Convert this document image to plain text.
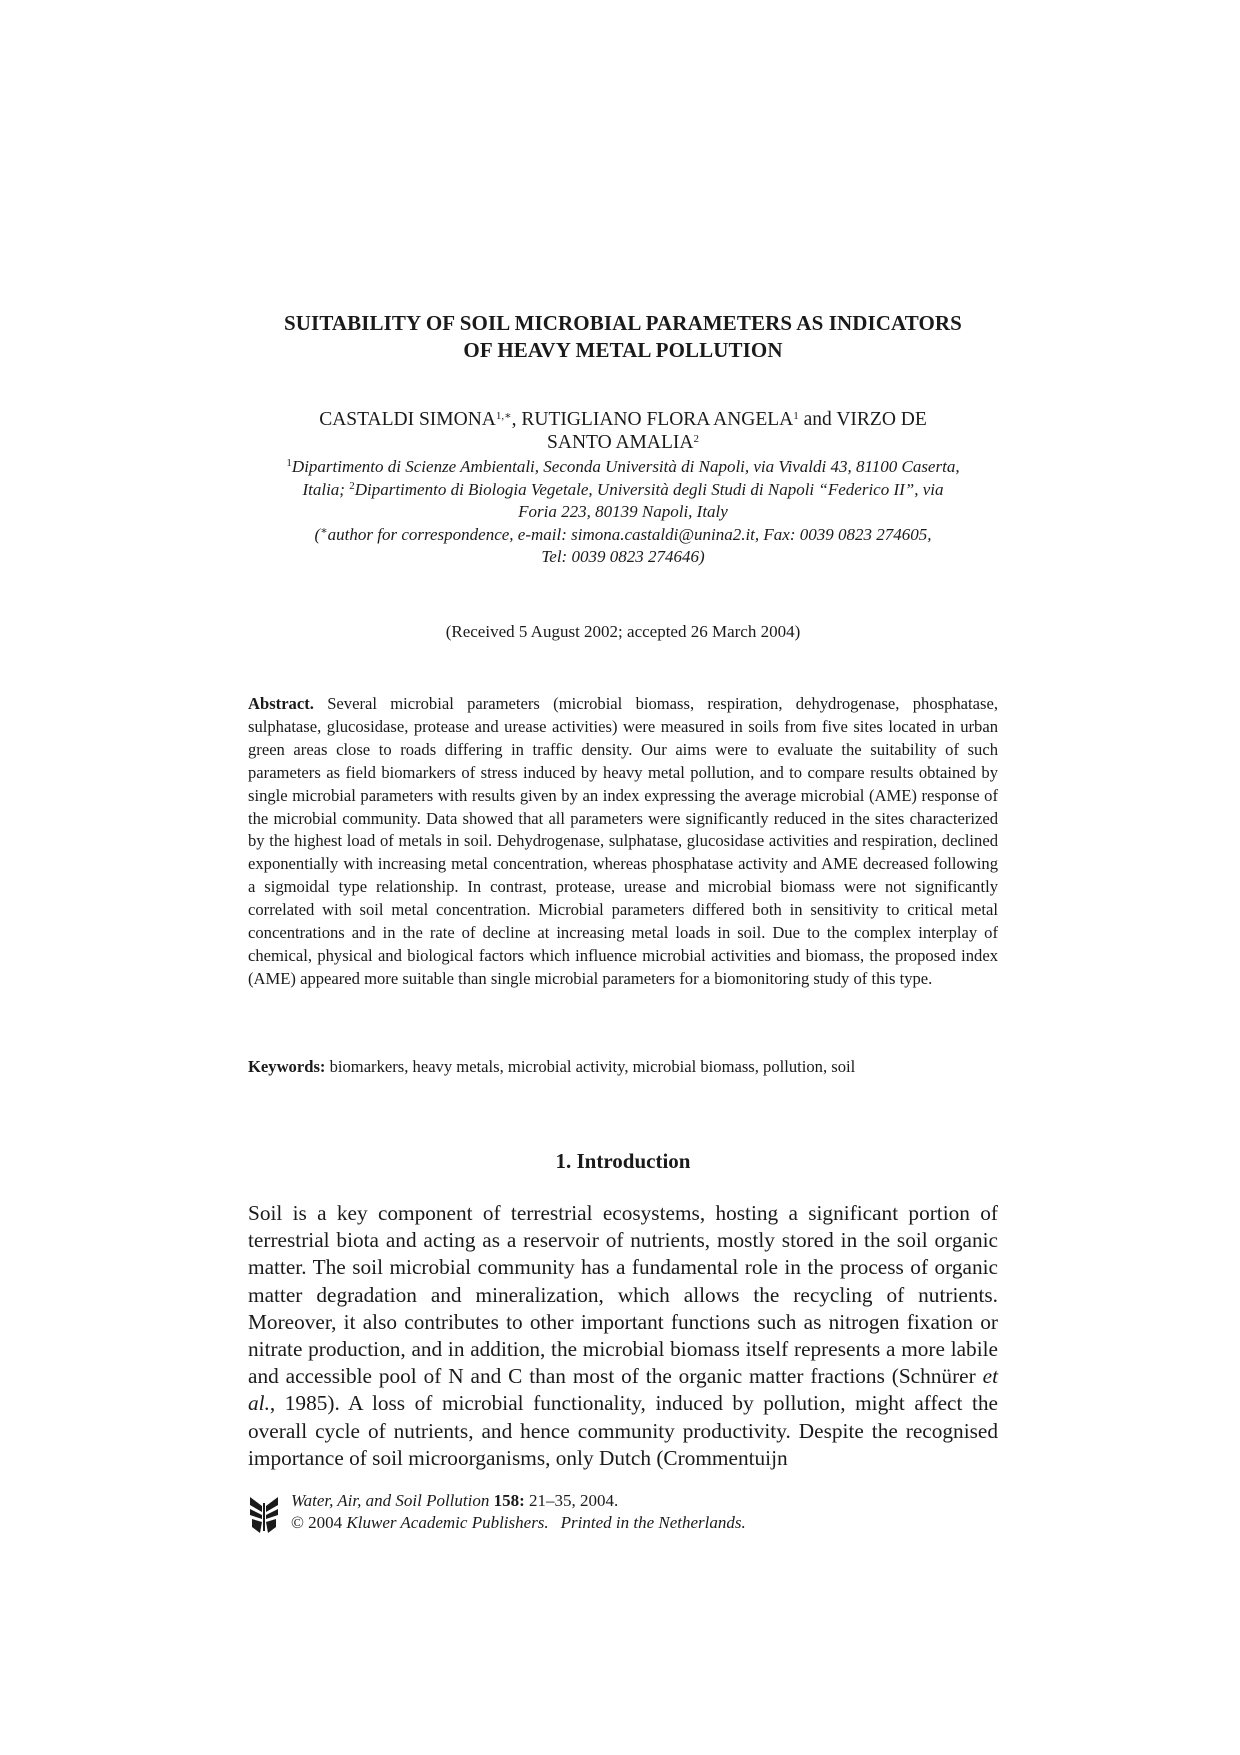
SUITABILITY OF SOIL MICROBIAL PARAMETERS AS INDICATORS
OF HEAVY METAL POLLUTION
CASTALDI $SIMONA^{1,∗}$, RUTIGLIANO FLORA ANGELA$^1$ and VIRZO DE
SANTO AMALIA$^2$
$^1$Dipartimento di Scienze Ambientali, Seconda Università di Napoli, via Vivaldi 43, 81100 Caserta,
Italia; $^2$Dipartimento di Biologia Vegetale, Università degli Studi di Napoli “Federico II”, via
Foria 223, 80139 Napoli, Italy
(∗author for correspondence, e-mail: simona.castaldi@unina2.it, Fax: 0039 0823 274605,
Tel: 0039 0823 274646)
(Received 5 August 2002; accepted 26 March 2004)
Abstract. Several microbial parameters (microbial biomass, respiration, dehydrogenase, phosphatase, sulphatase, glucosidase, protease and urease activities) were measured in soils from five sites located in urban green areas close to roads differing in traffic density. Our aims were to evaluate the suitability of such parameters as field biomarkers of stress induced by heavy metal pollution, and to compare results obtained by single microbial parameters with results given by an index expressing the average microbial (AME) response of the microbial community. Data showed that all parameters were significantly reduced in the sites characterized by the highest load of metals in soil. Dehydrogenase, sulphatase, glucosidase activities and respiration, declined exponentially with increasing metal concentration, whereas phosphatase activity and AME decreased following a sigmoidal type relationship. In contrast, protease, urease and microbial biomass were not significantly correlated with soil metal concentration. Microbial parameters differed both in sensitivity to critical metal concentrations and in the rate of decline at increasing metal loads in soil. Due to the complex interplay of chemical, physical and biological factors which influence microbial activities and biomass, the proposed index (AME) appeared more suitable than single microbial parameters for a biomonitoring study of this type.
Keywords: biomarkers, heavy metals, microbial activity, microbial biomass, pollution, soil
1. Introduction
Soil is a key component of terrestrial ecosystems, hosting a significant portion of terrestrial biota and acting as a reservoir of nutrients, mostly stored in the soil organic matter. The soil microbial community has a fundamental role in the process of organic matter degradation and mineralization, which allows the recycling of nutrients. Moreover, it also contributes to other important functions such as nitrogen fixation or nitrate production, and in addition, the microbial biomass itself represents a more labile and accessible pool of N and C than most of the organic matter fractions (Schnürer et al., 1985). A loss of microbial functionality, induced by pollution, might affect the overall cycle of nutrients, and hence community productivity. Despite the recognised importance of soil microorganisms, only Dutch (Crommentuijn
Water, Air, and Soil Pollution 158: 21–35, 2004.
© 2004 Kluwer Academic Publishers. Printed in the Netherlands.
